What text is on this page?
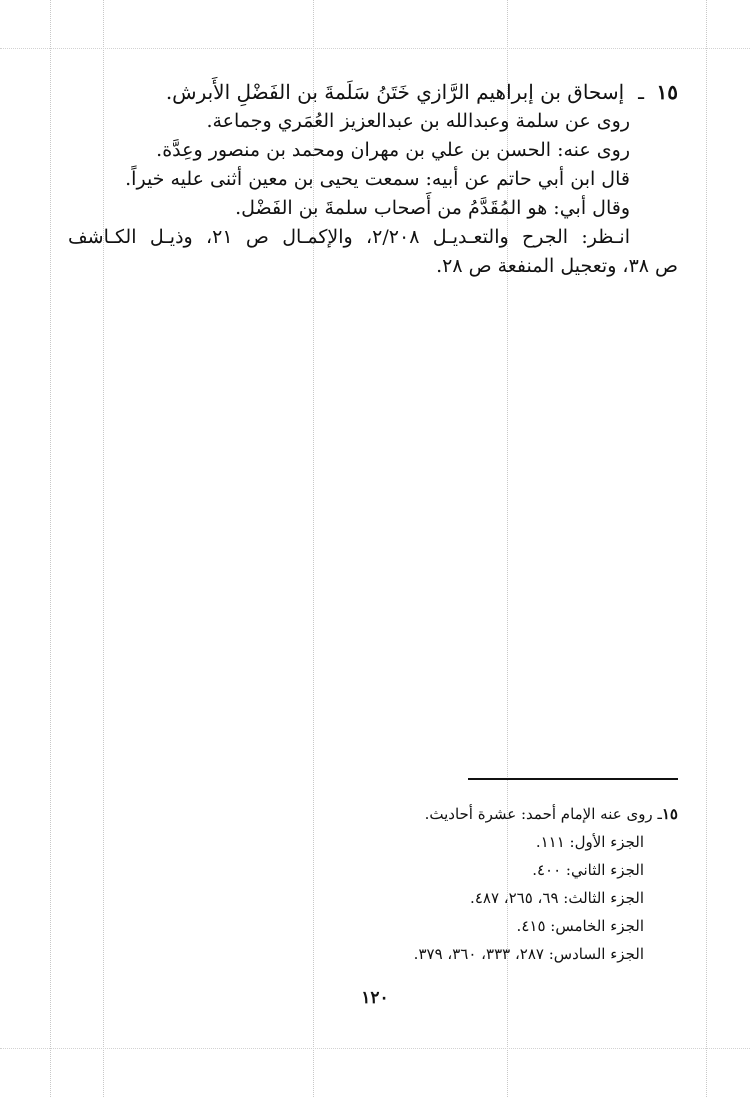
١٥ـإسحاق بن إبراهيم الرَّازي خَتَنُ سَلَمةَ بن الفَضْلِ الأَبرش.
روى عن سلمة وعبدالله بن عبدالعزيز العُمَري وجماعة.
روى عنه: الحسن بن علي بن مهران ومحمد بن منصور وعِدَّة.
قال ابن أبي حاتم عن أبيه: سمعت يحيى بن معين أثنى عليه خيراً.
وقال أبي: هو المُقَدَّمُ من أَصحاب سلمةَ بن الفَضْل.
انـظر: الجرح والتعـديـل ٢/٢٠٨، والإكمـال ص ٢١، وذيـل الكـاشف
ص ٣٨، وتعجيل المنفعة ص ٢٨.
١٥ـ روى عنه الإمام أحمد: عشرة أحاديث.
الجزء الأول: ١١١.
الجزء الثاني: ٤٠٠.
الجزء الثالث: ٦٩، ٢٦٥، ٤٨٧.
الجزء الخامس: ٤١٥.
الجزء السادس: ٢٨٧، ٣٣٣، ٣٦٠، ٣٧٩.
١٢٠
